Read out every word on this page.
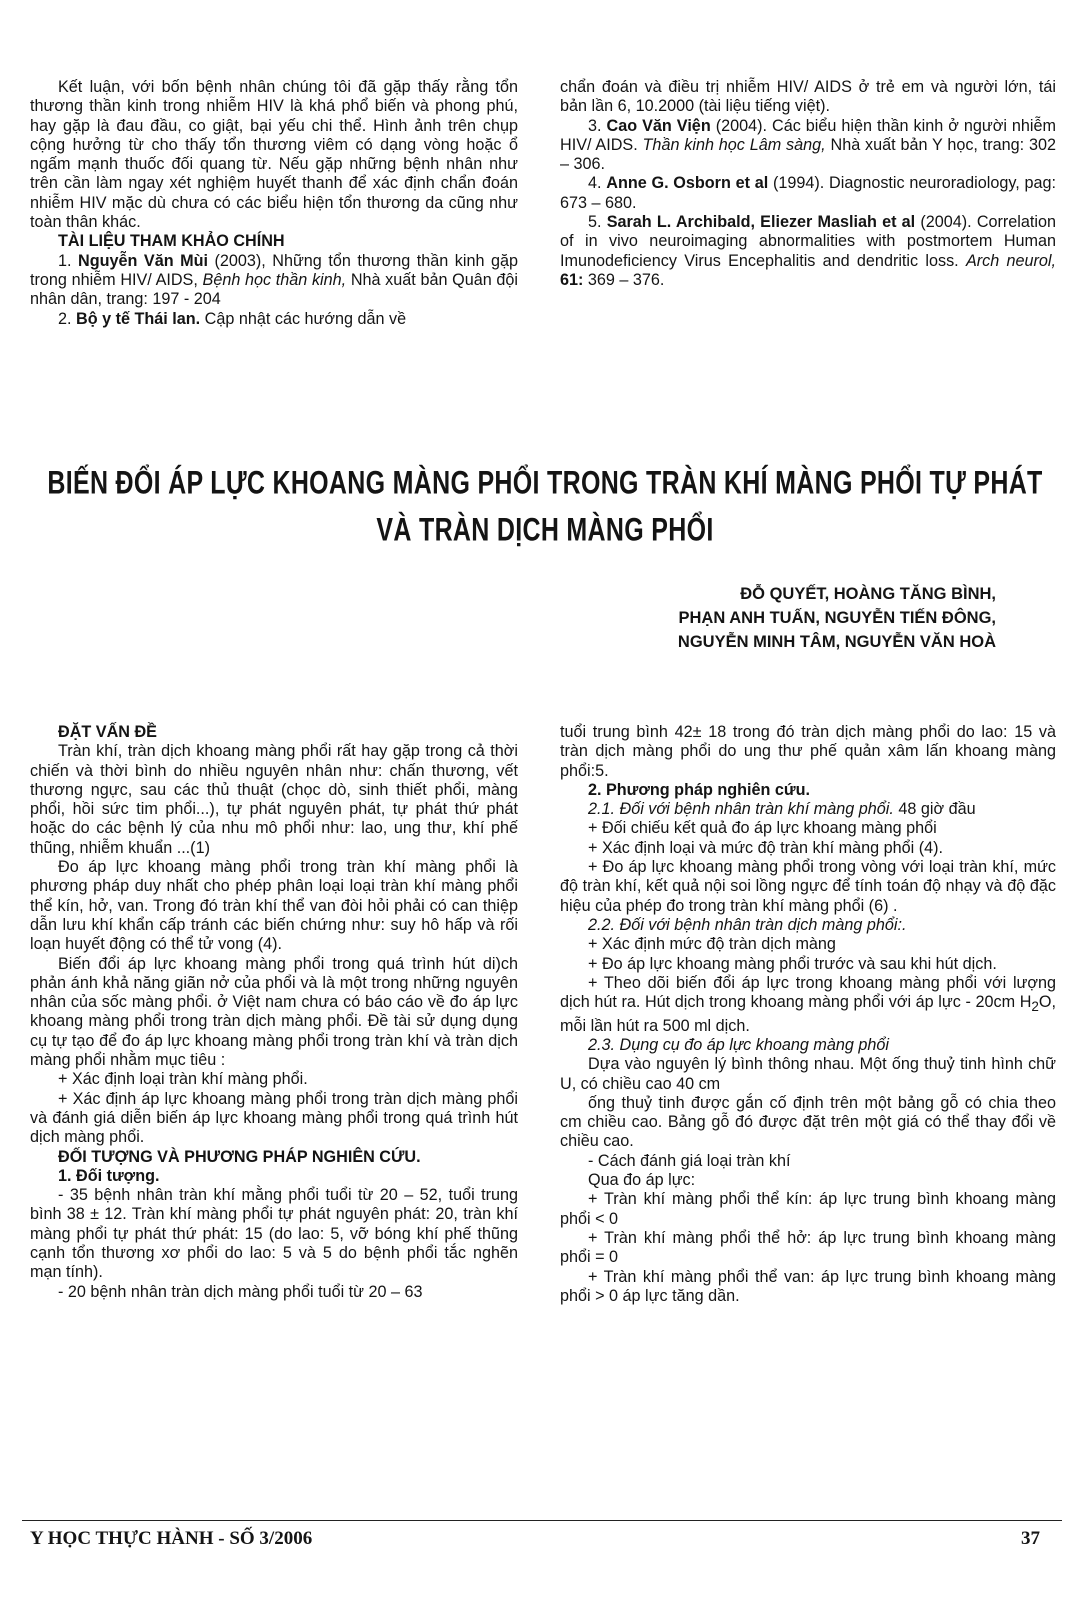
Kết luận, với bốn bệnh nhân chúng tôi đã gặp thấy rằng tổn thương thần kinh trong nhiễm HIV là khá phổ biến và phong phú, hay gặp là đau đầu, co giật, bại yếu chi thể. Hình ảnh trên chụp cộng hưởng từ cho thấy tổn thương viêm có dạng vòng hoặc ổ ngấm mạnh thuốc đối quang từ. Nếu gặp những bệnh nhân như trên cần làm ngay xét nghiệm huyết thanh để xác định chẩn đoán nhiễm HIV mặc dù chưa có các biểu hiện tổn thương da cũng như toàn thân khác.

TÀI LIỆU THAM KHẢO CHÍNH

1. Nguyễn Văn Mùi (2003), Những tổn thương thần kinh gặp trong nhiễm HIV/ AIDS, Bệnh học thần kinh, Nhà xuất bản Quân đội nhân dân, trang: 197 - 204

2. Bộ y tế Thái lan. Cập nhật các hướng dẫn về

chẩn đoán và điều trị nhiễm HIV/ AIDS ở trẻ em và người lớn, tái bản lần 6, 10.2000 (tài liệu tiếng việt).

3. Cao Văn Viện (2004). Các biểu hiện thần kinh ở người nhiễm HIV/ AIDS. Thần kinh học Lâm sàng, Nhà xuất bản Y học, trang: 302 – 306.

4. Anne G. Osborn et al (1994). Diagnostic neuroradiology, pag: 673 – 680.

5. Sarah L. Archibald, Eliezer Masliah et al (2004). Correlation of in vivo neuroimaging abnormalities with postmortem Human Imunodeficiency Virus Encephalitis and dendritic loss. Arch neurol, 61: 369 – 376.

BIẾN ĐỔI ÁP LỰC KHOANG MÀNG PHỔI TRONG TRÀN KHÍ MÀNG PHỔI TỰ PHÁT
VÀ TRÀN DỊCH MÀNG PHỔI
ĐỖ QUYẾT, HOÀNG TĂNG BÌNH,
PHẠN ANH TUẤN, NGUYỄN TIẾN ĐÔNG,
NGUYỄN MINH TÂM, NGUYỄN VĂN HOÀ

ĐẶT VẤN ĐỀ

Tràn khí, tràn dịch khoang màng phổi rất hay gặp trong cả thời chiến và thời bình do nhiều nguyên nhân như: chấn thương, vết thương ngực, sau các thủ thuật (chọc dò, sinh thiết phổi, màng phổi, hồi sức tim phổi...), tự phát nguyên phát, tự phát thứ phát hoặc do các bệnh lý của nhu mô phổi như: lao, ung thư, khí phế thũng, nhiễm khuẩn ...(1)

Đo áp lực khoang màng phổi trong tràn khí màng phổi là phương pháp duy nhất cho phép phân loại loại tràn khí màng phổi thể kín, hở, van. Trong đó tràn khí thể van đòi hỏi phải có can thiệp dẫn lưu khí khẩn cấp tránh các biến chứng như: suy hô hấp và rối loạn huyết động có thể tử vong (4).

Biến đổi áp lực khoang màng phổi trong quá trình hút di)ch phản ánh khả năng giãn nở của phổi và là một trong những nguyên nhân của sốc màng phổi. ở Việt nam chưa có báo cáo về đo áp lực khoang màng phổi trong tràn dịch màng phổi. Đề tài sử dụng dụng cụ tự tạo để đo áp lực khoang màng phổi trong tràn khí và tràn dịch màng phổi nhằm mục tiêu :

+ Xác định loại tràn khí màng phổi.

+ Xác định áp lực khoang màng phổi trong tràn dịch màng phổi và đánh giá diễn biến áp lực khoang màng phổi trong quá trình hút dịch màng phổi.

ĐỐI TƯỢNG VÀ PHƯƠNG PHÁP NGHIÊN CỨU.

1. Đối tượng.

- 35 bệnh nhân tràn khí mằng phổi tuổi từ 20 – 52, tuổi trung bình 38 ± 12. Tràn khí màng phổi tự phát nguyên phát: 20, tràn khí màng phổi tự phát thứ phát: 15 (do lao: 5, vỡ bóng khí phế thũng cạnh tổn thương xơ phổi do lao: 5 và 5 do bệnh phổi tắc nghẽn mạn tính).

- 20 bệnh nhân tràn dịch màng phổi tuổi từ 20 – 63

tuổi trung bình 42± 18 trong đó tràn dịch màng phổi do lao: 15 và tràn dịch màng phổi do ung thư phế quản xâm lấn khoang màng phổi:5.

2. Phương pháp nghiên cứu.

2.1. Đối với bệnh nhân tràn khí màng phổi. 48 giờ đầu

+ Đối chiếu kết quả đo áp lực khoang màng phổi

+ Xác định loại và mức độ tràn khí màng phổi (4).

+ Đo áp lực khoang màng phổi trong vòng với loại tràn khí, mức độ tràn khí, kết quả nội soi lồng ngực để tính toán độ nhạy và độ đặc hiệu của phép đo trong tràn khí màng phổi (6) .

2.2. Đối với bệnh nhân tràn dịch màng phổi:.

+ Xác định mức độ tràn dịch màng

+ Đo áp lực khoang màng phổi trước và sau khi hút dịch.

+ Theo dõi biến đổi áp lực trong khoang màng phổi với lượng dịch hút ra. Hút dịch trong khoang màng phổi với áp lực - 20cm $H_2O$, mỗi lần hút ra 500 ml dịch.

2.3. Dụng cụ đo áp lực khoang màng phổi

Dựa vào nguyên lý bình thông nhau. Một ống thuỷ tinh hình chữ U, có chiều cao 40 cm

ống thuỷ tinh được gắn cố định trên một bảng gỗ có chia theo cm chiều cao. Bảng gỗ đó được đặt trên một giá có thể thay đổi về chiều cao.

- Cách đánh giá loại tràn khí

Qua đo áp lực:

+ Tràn khí màng phổi thể kín: áp lực trung bình khoang màng phổi < 0

+ Tràn khí màng phổi thể hở: áp lực trung bình khoang màng phổi = 0

+ Tràn khí màng phổi thể van: áp lực trung bình khoang màng phổi > 0 áp lực tăng dần.

Y HỌC THỰC HÀNH - SỐ 3/2006	37
